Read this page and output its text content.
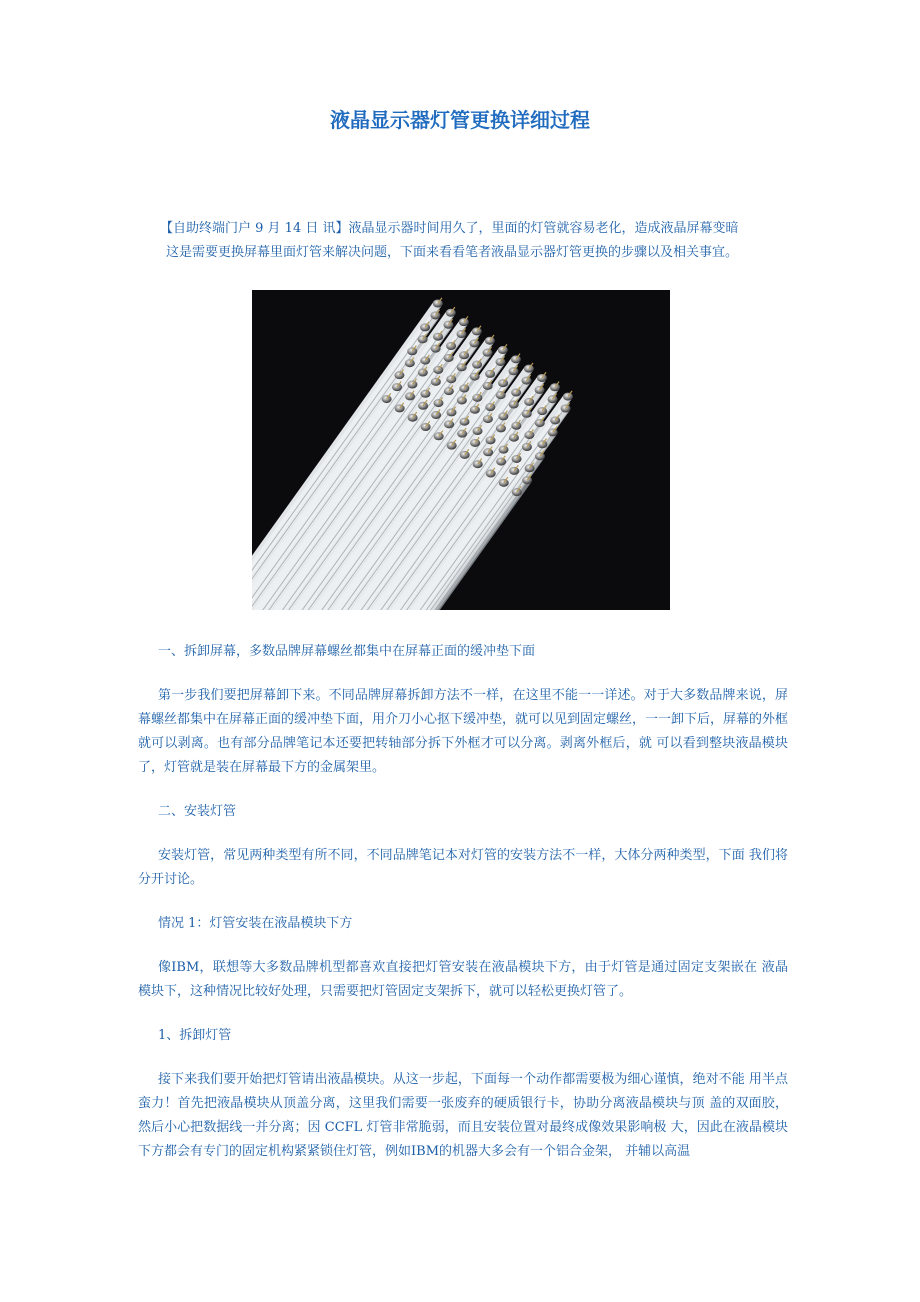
液晶显示器灯管更换详细过程

【自助终端门户 9 月 14 日 讯】液晶显示器时间用久了，里面的灯管就容易老化，造成液晶屏幕变暗

这是需要更换屏幕里面灯管来解决问题，下面来看看笔者液晶显示器灯管更换的步骤以及相关事宜。

一、拆卸屏幕，多数品牌屏幕螺丝都集中在屏幕正面的缓冲垫下面

第一步我们要把屏幕卸下来。不同品牌屏幕拆卸方法不一样，在这里不能一一详述。对于大多数品牌来说，屏幕螺丝都集中在屏幕正面的缓冲垫下面，用介刀小心抠下缓冲垫，就可以见到固定螺丝，一一卸下后，屏幕的外框就可以剥离。也有部分品牌笔记本还要把转轴部分拆下外框才可以分离。剥离外框后，就 可以看到整块液晶模块了，灯管就是装在屏幕最下方的金属架里。

二、安装灯管

安装灯管，常见两种类型有所不同，不同品牌笔记本对灯管的安装方法不一样，大体分两种类型，下面 我们将分开讨论。

情况 1：灯管安装在液晶模块下方

像IBM，联想等大多数品牌机型都喜欢直接把灯管安装在液晶模块下方，由于灯管是通过固定支架嵌在 液晶模块下，这种情况比较好处理，只需要把灯管固定支架拆下，就可以轻松更换灯管了。

1、拆卸灯管

接下来我们要开始把灯管请出液晶模块。从这一步起，下面每一个动作都需要极为细心谨慎，绝对不能 用半点蛮力！首先把液晶模块从顶盖分离，这里我们需要一张废弃的硬质银行卡，协助分离液晶模块与顶 盖的双面胶，然后小心把数据线一并分离；因 CCFL 灯管非常脆弱，而且安装位置对最终成像效果影响极 大，因此在液晶模块下方都会有专门的固定机构紧紧锁住灯管，例如IBM的机器大多会有一个铝合金架， 并辅以高温
